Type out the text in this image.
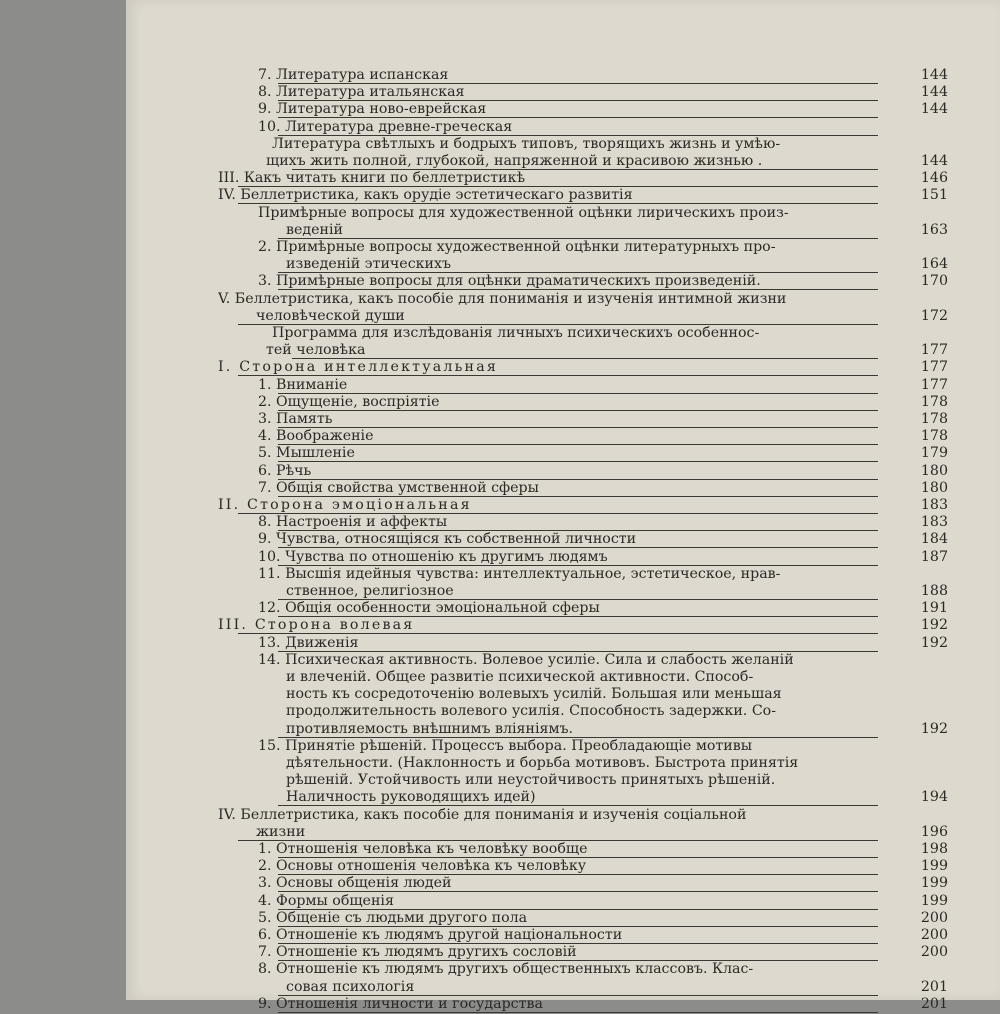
7. Литература испанская	144
8. Литература итальянская	144
9. Литература ново-еврейская	144
10. Литература древне-греческая
Литература свѣтлыхъ и бодрыхъ типовъ, творящихъ жизнь и умѣю-
щихъ жить полной, глубокой, напряженной и красивою жизнью .	144
III. Какъ читать книги по беллетристикѣ	146
IV. Беллетристика, какъ орудіе эстетическаго развитія	151
Примѣрные вопросы для художественной оцѣнки лирическихъ произ-
веденій	163
2. Примѣрные вопросы художественной оцѣнки литературныхъ про-
изведеній этическихъ	164
3. Примѣрные вопросы для оцѣнки драматическихъ произведеній.	170
V. Беллетристика, какъ пособіе для пониманія и изученія интимной жизни
человѣческой души	172
Программа для изслѣдованія личныхъ психическихъ особеннос-
тей человѣка	177
I. Сторона интеллектуальная	177
1. Вниманіе	177
2. Ощущеніе, воспріятіе	178
3. Память	178
4. Воображеніе	178
5. Мышленіе	179
6. Рѣчь	180
7. Общія свойства умственной сферы	180
II. Сторона эмоціональная	183
8. Настроенія и аффекты	183
9. Чувства, относящіяся къ собственной личности	184
10. Чувства по отношенію къ другимъ людямъ	187
11. Высшія идейныя чувства: интеллектуальное, эстетическое, нрав-
ственное, религіозное	188
12. Общія особенности эмоціональной сферы	191
III. Сторона волевая	192
13. Движенія	192
14. Психическая активность. Волевое усиліе. Сила и слабость желаній
и влеченій. Общее развитіе психической активности. Способ-
ность къ сосредоточенію волевыхъ усилій. Большая или меньшая
продолжительность волевого усилія. Способность задержки. Со-
противляемость внѣшнимъ вліяніямъ.	192
15. Принятіе рѣшеній. Процессъ выбора. Преобладающіе мотивы
дѣятельности. (Наклонность и борьба мотивовъ. Быстрота принятія
рѣшеній. Устойчивость или неустойчивость принятыхъ рѣшеній.
Наличность руководящихъ идей)	194
IV. Беллетристика, какъ пособіе для пониманія и изученія соціальной
жизни	196
1. Отношенія человѣка къ человѣку вообще	198
2. Основы отношенія человѣка къ человѣку	199
3. Основы общенія людей	199
4. Формы общенія	199
5. Общеніе съ людьми другого пола	200
6. Отношеніе къ людямъ другой національности	200
7. Отношеніе къ людямъ другихъ сословій	200
8. Отношеніе къ людямъ другихъ общественныхъ классовъ. Клас-
совая психологія	201
9. Отношенія личности и государства	201
